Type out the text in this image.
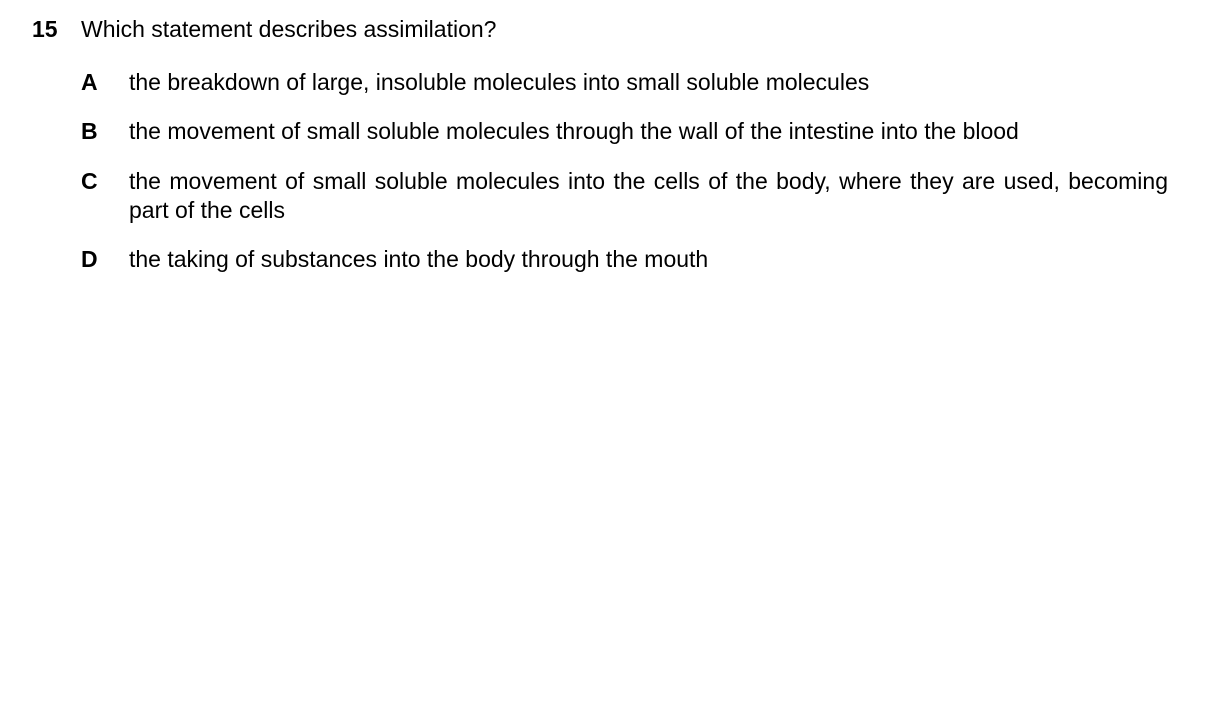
15 Which statement describes assimilation?
A the breakdown of large, insoluble molecules into small soluble molecules
B the movement of small soluble molecules through the wall of the intestine into the blood
C the movement of small soluble molecules into the cells of the body, where they are used, becoming part of the cells
D the taking of substances into the body through the mouth
